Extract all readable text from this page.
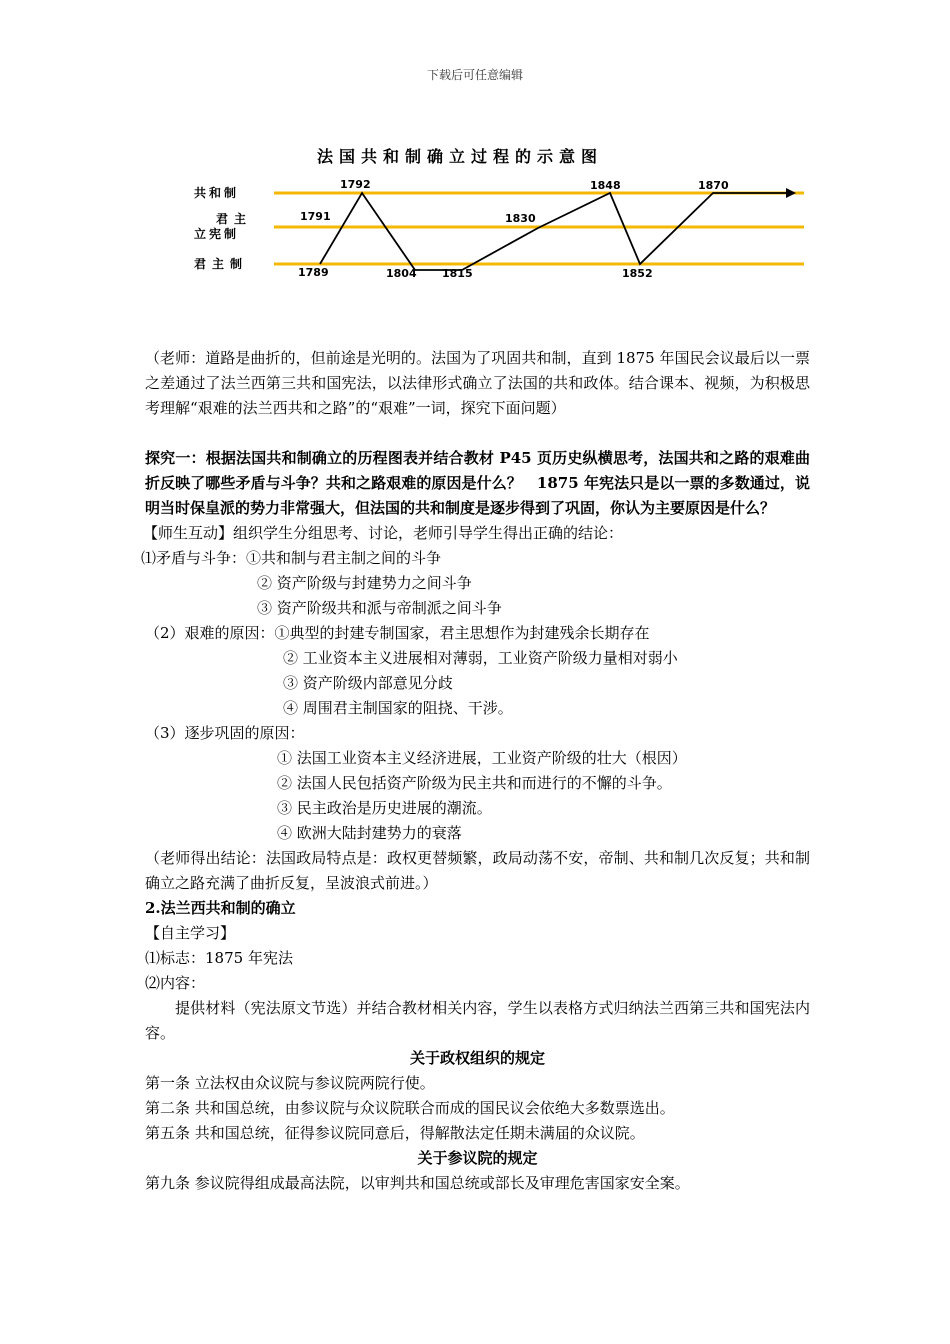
下载后可任意编辑
法国共和制确立过程的示意图
共和制
君主
立宪制
君主制
1789
1791
1792
1804 1815
1830
1848
1852
1870

（老师：道路是曲折的，但前途是光明的。法国为了巩固共和制，直到 1875 年国民会议最后以一票之差通过了法兰西第三共和国宪法，以法律形式确立了法国的共和政体。结合课本、视频，为积极思考理解“艰难的法兰西共和之路”的“艰难”一词，探究下面问题）

探究一：根据法国共和制确立的历程图表并结合教材 P45 页历史纵横思考，法国共和之路的艰难曲折反映了哪些矛盾与斗争？共和之路艰难的原因是什么？　1875 年宪法只是以一票的多数通过，说明当时保皇派的势力非常强大，但法国的共和制度是逐步得到了巩固，你认为主要原因是什么？

【师生互动】组织学生分组思考、讨论，老师引导学生得出正确的结论：

⑴矛盾与斗争：①共和制与君主制之间的斗争
② 资产阶级与封建势力之间斗争
③ 资产阶级共和派与帝制派之间斗争
（2）艰难的原因：①典型的封建专制国家，君主思想作为封建残余长期存在
② 工业资本主义进展相对薄弱，工业资产阶级力量相对弱小
③ 资产阶级内部意见分歧
④ 周围君主制国家的阻挠、干涉。
（3）逐步巩固的原因：
① 法国工业资本主义经济进展，工业资产阶级的壮大（根因）
② 法国人民包括资产阶级为民主共和而进行的不懈的斗争。
③ 民主政治是历史进展的潮流。
④ 欧洲大陆封建势力的衰落

（老师得出结论：法国政局特点是：政权更替频繁，政局动荡不安，帝制、共和制几次反复；共和制确立之路充满了曲折反复，呈波浪式前进。）

2.法兰西共和制的确立
【自主学习】
⑴标志：1875 年宪法
⑵内容：

提供材料（宪法原文节选）并结合教材相关内容，学生以表格方式归纳法兰西第三共和国宪法内容。

关于政权组织的规定
第一条 立法权由众议院与参议院两院行使。
第二条 共和国总统，由参议院与众议院联合而成的国民议会依绝大多数票选出。
第五条 共和国总统，征得参议院同意后，得解散法定任期未满届的众议院。
关于参议院的规定
第九条 参议院得组成最高法院，以审判共和国总统或部长及审理危害国家安全案。
